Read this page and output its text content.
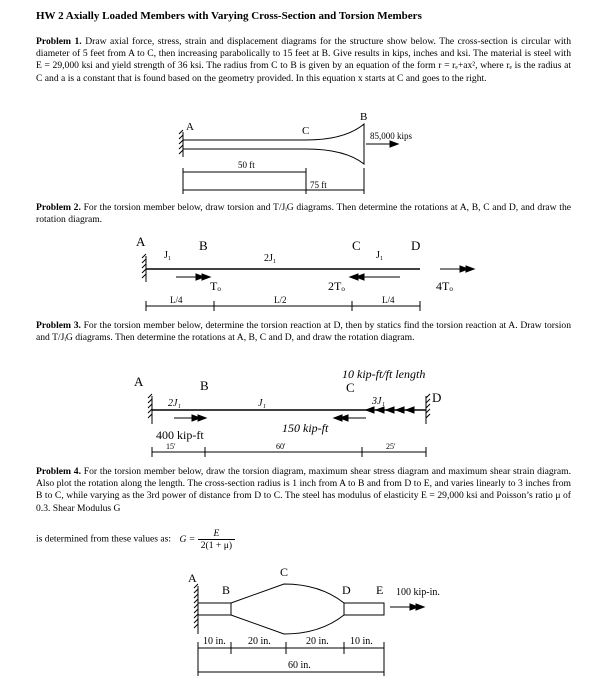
HW 2 Axially Loaded Members with Varying Cross-Section and Torsion Members
Problem 1. Draw axial force, stress, strain and displacement diagrams for the structure show below. The cross-section is circular with diameter of 5 feet from A to C, then increasing parabolically to 15 feet at B. Give results in kips, inches and ksi. The material is steel with E = 29,000 ksi and yield strength of 36 ksi. The radius from C to B is given by an equation of the form r = rₑ+ax², where rₑ is the radius at C and a is a constant that is found based on the geometry provided. In this equation x starts at C and goes to the right.
A	C
B
85,000 kips
50 ft
75 ft
Problem 2. For the torsion member below, draw torsion and T/JᵢG diagrams. Then determine the rotations at A, B, C and D, and draw the rotation diagram.
A	B	C	D
J₁	2J₁	J₁
Tₒ	2Tₒ	4Tₒ
L/4	L/2	L/4
Problem 3. For the torsion member below, determine the torsion reaction at D, then by statics find the torsion reaction at A. Draw torsion and T/JᵢG diagrams. Then determine the rotations at A, B, C and D, and draw the rotation diagram.
A	B	C
D
2J₁	J₁	3J₁
10 kip-ft/ft length
400 kip-ft	150 kip-ft
15'	60'	25'
Problem 4. For the torsion member below, draw the torsion diagram, maximum shear stress diagram and maximum shear strain diagram. Also plot the rotation along the length. The cross-section radius is 1 inch from A to B and from D to E, and varies linearly to 3 inches from B to C, while varying as the 3rd power of distance from D to C. The steel has modulus of elasticity E = 29,000 ksi and Poisson’s ratio μ of 0.3. Shear Modulus G
is determined from these values as: $G = \frac{E}{2(1 + \mu)}$
A
B
C
D E 100 kip-in.
10 in. 20 in.	20 in. 10 in.
60 in.
